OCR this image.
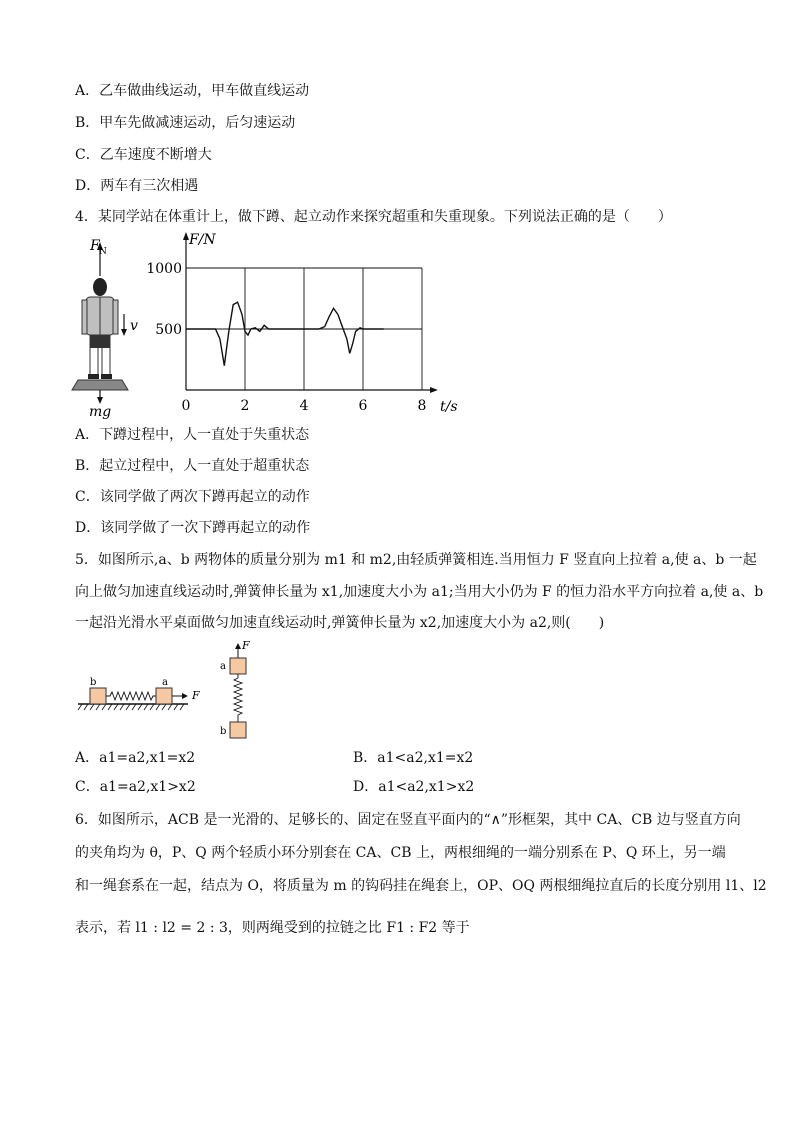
A．乙车做曲线运动，甲车做直线运动
B．甲车先做减速运动，后匀速运动
C．乙车速度不断增大
D．两车有三次相遇
4．某同学站在体重计上，做下蹲、起立动作来探究超重和失重现象。下列说法正确的是（　　）
F N
v
mg	0	2	4	6	8
500
1000
F/N
t/s
A．下蹲过程中，人一直处于失重状态
B．起立过程中，人一直处于超重状态
C．该同学做了两次下蹲再起立的动作
D．该同学做了一次下蹲再起立的动作
5．如图所示,a、b 两物体的质量分别为 m1 和 m2,由轻质弹簧相连.当用恒力 F 竖直向上拉着 a,使 a、b 一起
向上做匀加速直线运动时,弹簧伸长量为 x1,加速度大小为 a1;当用大小仍为 F 的恒力沿水平方向拉着 a,使 a、b
一起沿光滑水平桌面做匀加速直线运动时,弹簧伸长量为 x2,加速度大小为 a2,则(　　)
b	a
F
F
a
b
A．a1=a2,x1=x2	B．a1<a2,x1=x2
C．a1=a2,x1>x2	D．a1<a2,x1>x2
6．如图所示，ACB 是一光滑的、足够长的、固定在竖直平面内的“∧”形框架，其中 CA、CB 边与竖直方向
的夹角均为 θ，P、Q 两个轻质小环分别套在 CA、CB 上，两根细绳的一端分别系在 P、Q 环上，另一端
和一绳套系在一起，结点为 O，将质量为 m 的钩码挂在绳套上，OP、OQ 两根细绳拉直后的长度分别用 l1、l2
表示，若 l1 : l2 = 2 : 3，则两绳受到的拉链之比 F1 : F2 等于
